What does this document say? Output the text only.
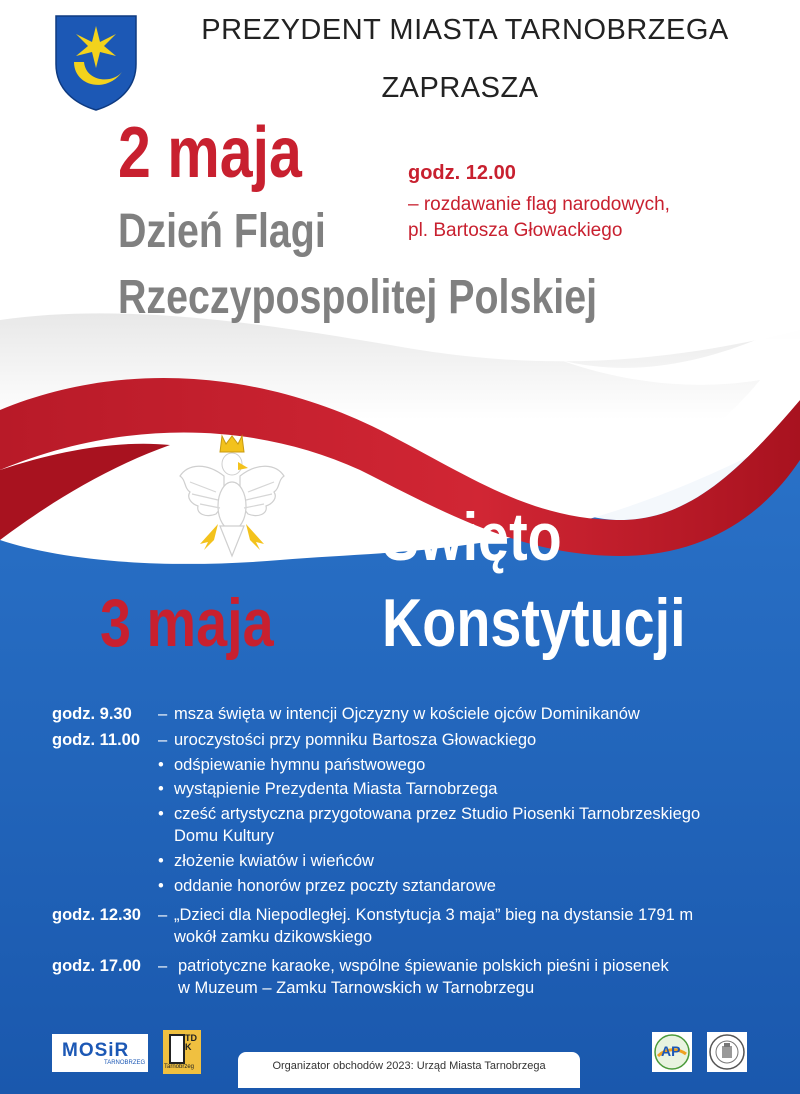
PREZYDENT MIASTA TARNOBRZEGA
ZAPRASZA
2 maja
Dzień Flagi
Rzeczypospolitej Polskiej
godz. 12.00
– rozdawanie flag narodowych,
pl. Bartosza Głowackiego
Święto
Konstytucji
3 maja
godz. 9.30 – msza święta w intencji Ojczyzny w kościele ojców Dominikanów
godz. 11.00 – uroczystości przy pomniku Bartosza Głowackiego
• odśpiewanie hymnu państwowego
• wystąpienie Prezydenta Miasta Tarnobrzega
• cześć artystyczna przygotowana przez Studio Piosenki Tarnobrzeskiego
Domu Kultury
• złożenie kwiatów i wieńców
• oddanie honorów przez poczty sztandarowe
godz. 12.30 – „Dzieci dla Niepodległej. Konstytucja 3 maja” bieg na dystansie 1791 m
wokół zamku dzikowskiego
godz. 17.00 – patriotyczne karaoke, wspólne śpiewanie polskich pieśni i piosenek
w Muzeum – Zamku Tarnowskich w Tarnobrzegu
MOSiR
TARNOBRZEG
TDK
Tarnobrzeg	Organizator obchodów 2023: Urząd Miasta Tarnobrzega
AP
